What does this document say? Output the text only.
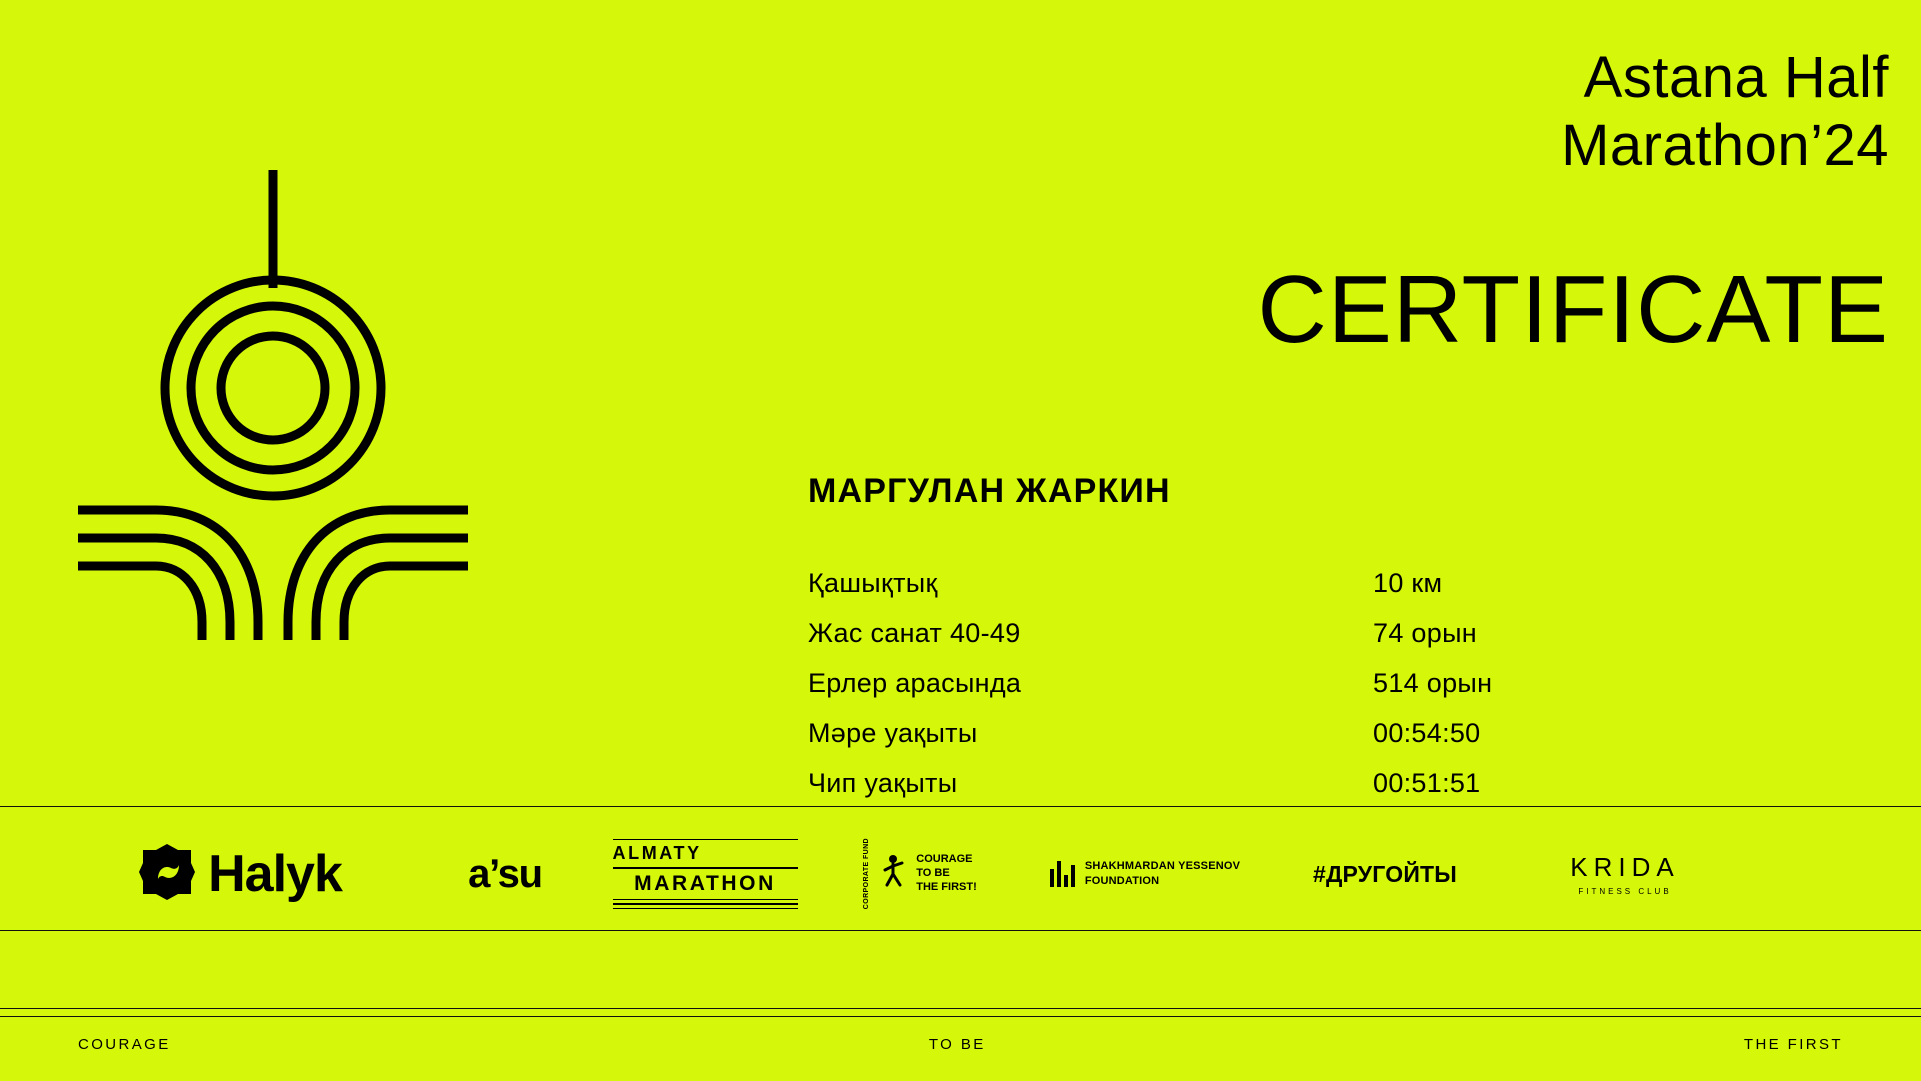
Astana Half
Marathon’24
CERTIFICATE
МАРГУЛАН ЖАРКИН
Қашықтық	10 км
Жас санат 40-49	74 орын
Ерлер арасында	514 орын
Мәре уақыты	00:54:50
Чип уақыты	00:51:51
Halyk	a’su	ALMATY
MARATHON	CORPORATE FUND	COURAGE
TO BE
THE FIRST!
SHAKHMARDAN YESSENOV
FOUNDATION	#ДРУГОЙТЫ	KRIDA
FITNESS CLUB
COURAGE	TO BE	THE FIRST
